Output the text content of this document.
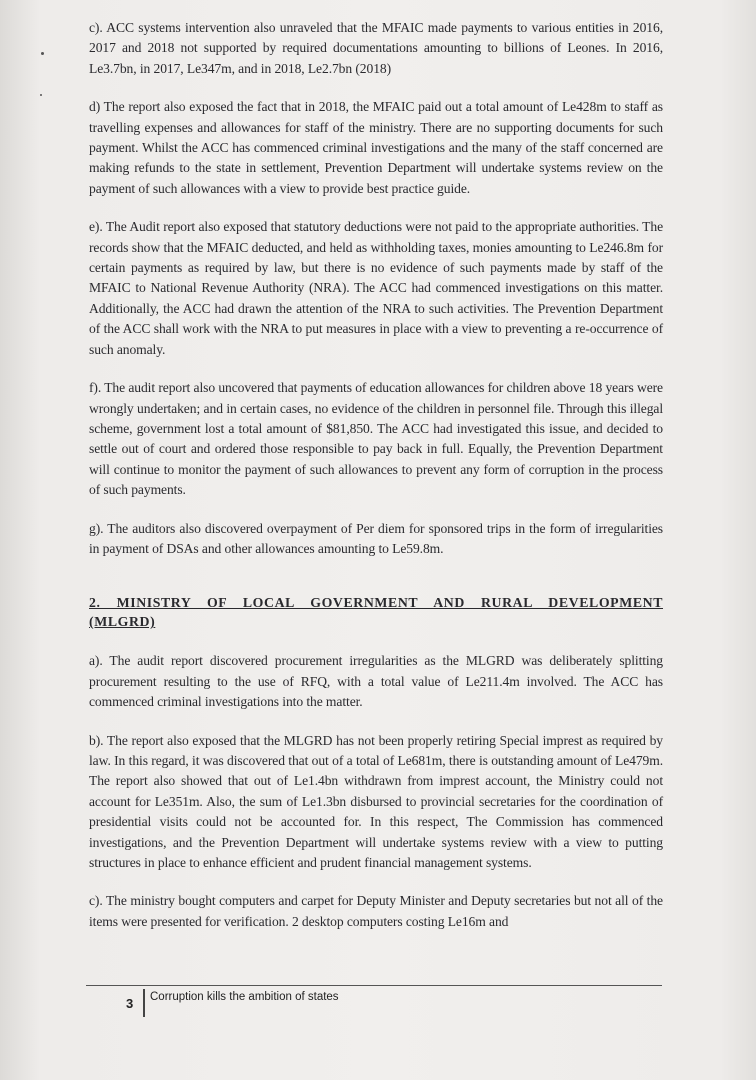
c). ACC systems intervention also unraveled that the MFAIC made payments to various entities in 2016, 2017 and 2018 not supported by required documentations amounting to billions of Leones. In 2016, Le3.7bn, in 2017, Le347m, and in 2018, Le2.7bn (2018)

d) The report also exposed the fact that in 2018, the MFAIC paid out a total amount of Le428m to staff as travelling expenses and allowances for staff of the ministry. There are no supporting documents for such payment. Whilst the ACC has commenced criminal investigations and the many of the staff concerned are making refunds to the state in settlement, Prevention Department will undertake systems review on the payment of such allowances with a view to provide best practice guide.

e). The Audit report also exposed that statutory deductions were not paid to the appropriate authorities. The records show that the MFAIC deducted, and held as withholding taxes, monies amounting to Le246.8m for certain payments as required by law, but there is no evidence of such payments made by staff of the MFAIC to National Revenue Authority (NRA). The ACC had commenced investigations on this matter. Additionally, the ACC had drawn the attention of the NRA to such activities. The Prevention Department of the ACC shall work with the NRA to put measures in place with a view to preventing a re-occurrence of such anomaly.

f). The audit report also uncovered that payments of education allowances for children above 18 years were wrongly undertaken; and in certain cases, no evidence of the children in personnel file. Through this illegal scheme, government lost a total amount of $81,850. The ACC had investigated this issue, and decided to settle out of court and ordered those responsible to pay back in full. Equally, the Prevention Department will continue to monitor the payment of such allowances to prevent any form of corruption in the process of such payments.

g). The auditors also discovered overpayment of Per diem for sponsored trips in the form of irregularities in payment of DSAs and other allowances amounting to Le59.8m.

2. MINISTRY OF LOCAL GOVERNMENT AND RURAL DEVELOPMENT (MLGRD)

a). The audit report discovered procurement irregularities as the MLGRD was deliberately splitting procurement resulting to the use of RFQ, with a total value of Le211.4m involved. The ACC has commenced criminal investigations into the matter.

b). The report also exposed that the MLGRD has not been properly retiring Special imprest as required by law. In this regard, it was discovered that out of a total of Le681m, there is outstanding amount of Le479m. The report also showed that out of Le1.4bn withdrawn from imprest account, the Ministry could not account for Le351m. Also, the sum of Le1.3bn disbursed to provincial secretaries for the coordination of presidential visits could not be accounted for. In this respect, The Commission has commenced investigations, and the Prevention Department will undertake systems review with a view to putting structures in place to enhance efficient and prudent financial management systems.

c). The ministry bought computers and carpet for Deputy Minister and Deputy secretaries but not all of the items were presented for verification. 2 desktop computers costing Le16m and

3 Corruption kills the ambition of states
